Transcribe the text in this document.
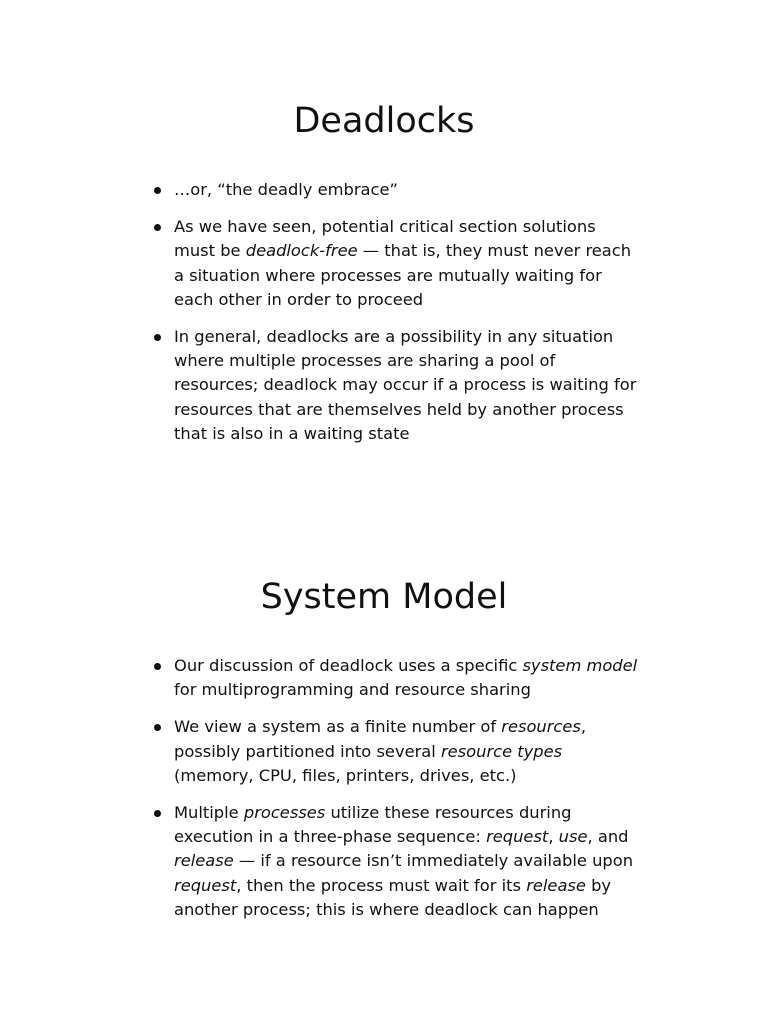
Deadlocks
…or, “the deadly embrace”
As we have seen, potential critical section solutions must be deadlock-free — that is, they must never reach a situation where processes are mutually waiting for each other in order to proceed
In general, deadlocks are a possibility in any situation where multiple processes are sharing a pool of resources; deadlock may occur if a process is waiting for resources that are themselves held by another process that is also in a waiting state
System Model
Our discussion of deadlock uses a specific system model for multiprogramming and resource sharing
We view a system as a finite number of resources, possibly partitioned into several resource types (memory, CPU, files, printers, drives, etc.)
Multiple processes utilize these resources during execution in a three-phase sequence: request, use, and release — if a resource isn’t immediately available upon request, then the process must wait for its release by another process; this is where deadlock can happen
